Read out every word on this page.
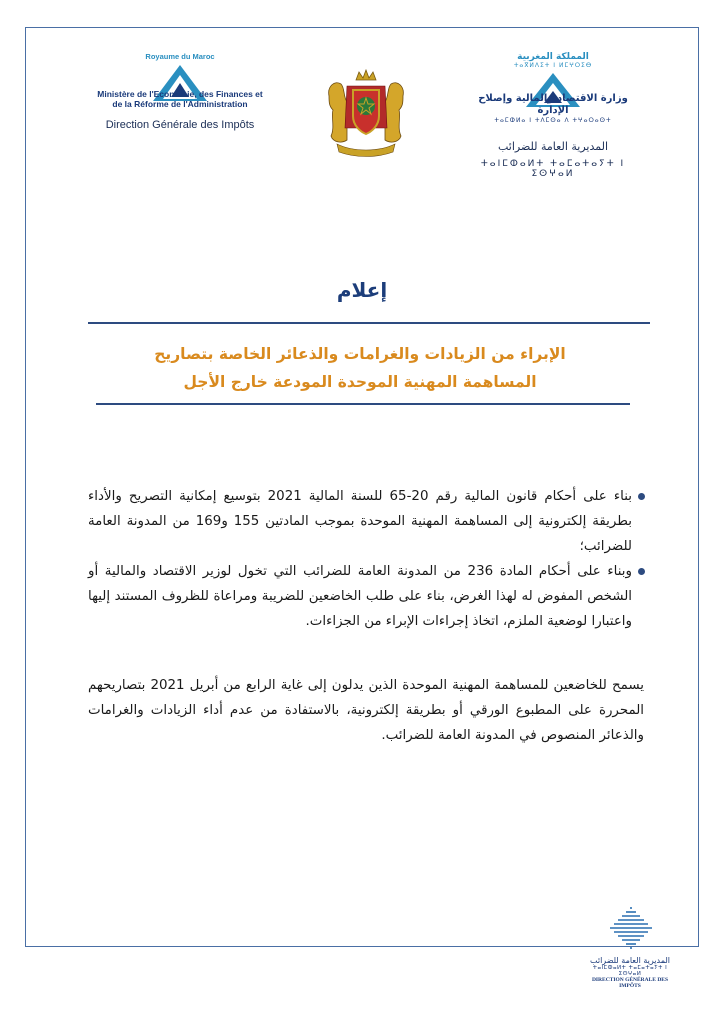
Royaume du Maroc
Ministère de l'Economie, des Finances et de la Réforme de l'Administration
Direction Générale des Impôts
المملكة المغربية
ⵜⴰⴳⵍⴷⵉⵜ ⵏ ⵍⵎⵖⵔⵉⴱ
وزارة الاقتصاد والمالية وإصلاح الإدارة
ⵜⴰⵎⵀⵍⴰ ⵏ ⵜⴷⵎⵙⴰ ⴷ ⵜⵖⴰⵔⴰⵙⵜ
المديرية العامة للضرائب
ⵜⴰⵏⵎⵀⴰⵍⵜ ⵜⴰⵎⴰⵜⴰⵢⵜ ⵏ ⵉⵙⵖⴰⵍ
إعلام
الإبراء من الزيادات والغرامات والذعائر الخاصة بتصاريح
المساهمة المهنية الموحدة المودعة خارج الأجل
بناء على أحكام قانون المالية رقم 20-65 للسنة المالية 2021 بتوسيع إمكانية التصريح والأداء بطريقة إلكترونية إلى المساهمة المهنية الموحدة بموجب المادتين 155 و169 من المدونة العامة للضرائب؛
وبناء على أحكام المادة 236 من المدونة العامة للضرائب التي تخول لوزير الاقتصاد والمالية أو الشخص المفوض له لهذا الغرض، بناء على طلب الخاضعين للضريبة ومراعاة للظروف المستند إليها واعتبارا لوضعية الملزم، اتخاذ إجراءات الإبراء من الجزاءات.
يسمح للخاضعين للمساهمة المهنية الموحدة الذين يدلون إلى غاية الرابع من أبريل 2021 بتصاريحهم المحررة على المطبوع الورقي أو بطريقة إلكترونية، بالاستفادة من عدم أداء الزيادات والغرامات والذعائر المنصوص في المدونة العامة للضرائب.
المديرية العامة للضرائب
ⵜⴰⵏⵎⵀⴰⵍⵜ ⵜⴰⵎⴰⵜⴰⵢⵜ ⵏ ⵉⵙⵖⴰⵍ
DIRECTION GÉNÉRALE DES IMPÔTS
